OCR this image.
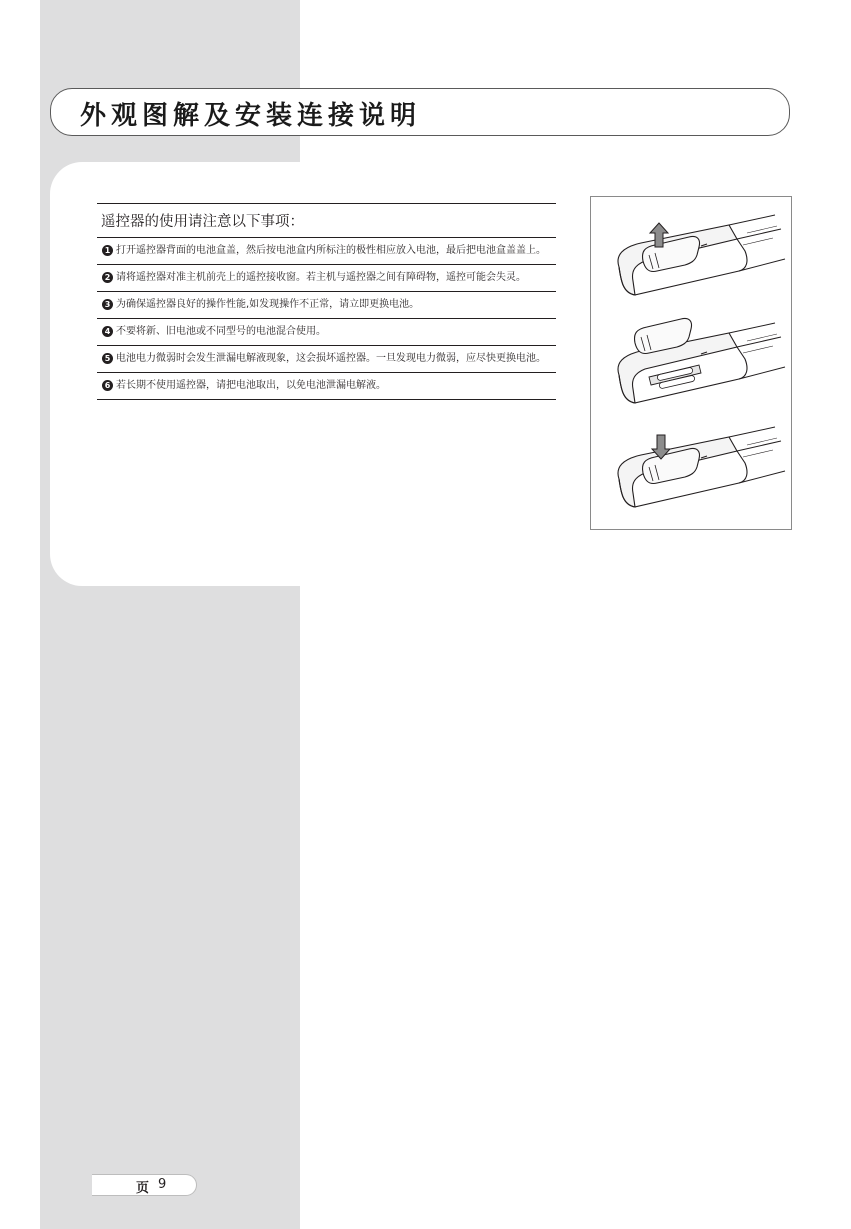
外观图解及安装连接说明
遥控器的使用请注意以下事项：
1 打开遥控器背面的电池盒盖，然后按电池盒内所标注的极性相应放入电池，最后把电池盒盖盖上。
2 请将遥控器对准主机前壳上的遥控接收窗。若主机与遥控器之间有障碍物，遥控可能会失灵。
3 为确保遥控器良好的操作性能,如发现操作不正常，请立即更换电池。
4 不要将新、旧电池或不同型号的电池混合使用。
5 电池电力微弱时会发生泄漏电解液现象，这会损坏遥控器。一旦发现电力微弱，应尽快更换电池。
6 若长期不使用遥控器，请把电池取出，以免电池泄漏电解液。
页 9
